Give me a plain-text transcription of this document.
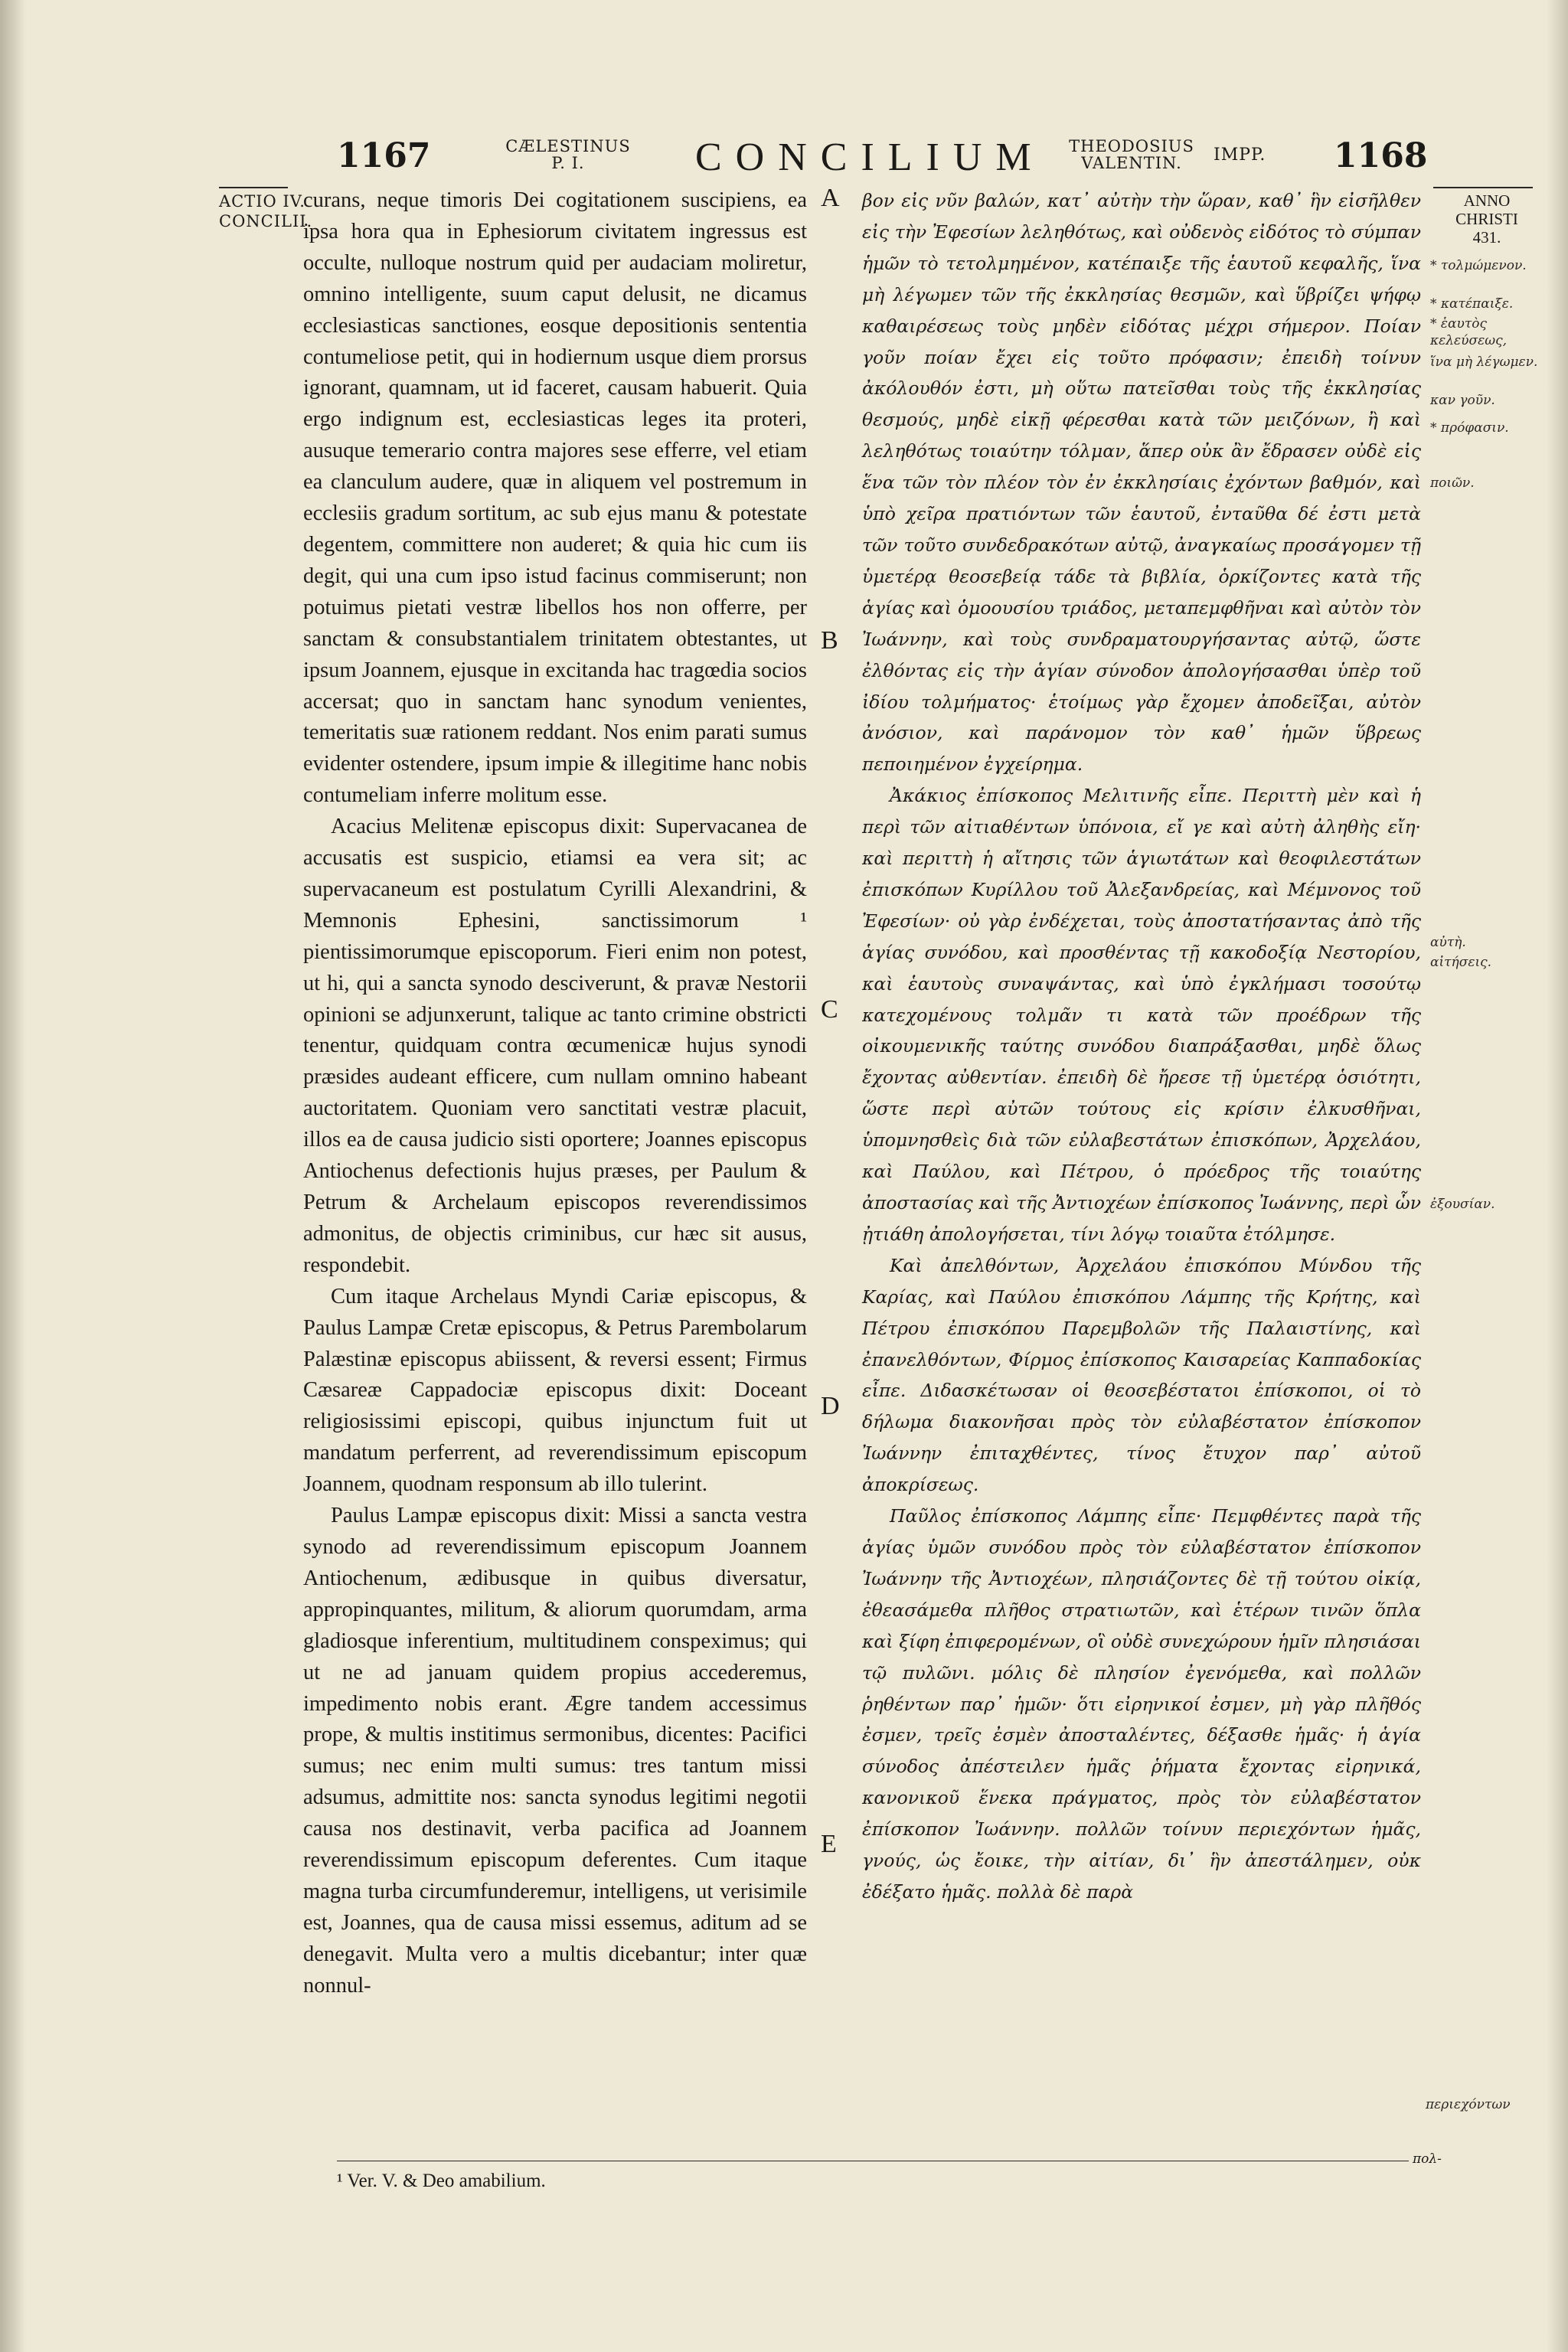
1167	CÆLESTINUS
P. I.	CONCILIUM	THEODOSIUS
VALENTIN.	IMPP. 1168
ACTIO IV.
CONCILII.
ANNO
CHRISTI
431.

curans, neque timoris Dei cogitationem suscipiens, ea ipsa hora qua in Ephesiorum civitatem ingressus est occulte, nulloque nostrum quid per audaciam moliretur, omnino intelligente, suum caput delusit, ne dicamus ecclesiasticas sanctiones, eosque depositionis sententia contumeliose petit, qui in hodiernum usque diem prorsus ignorant, quamnam, ut id faceret, causam habuerit. Quia ergo indignum est, ecclesiasticas leges ita proteri, ausuque temerario contra majores sese efferre, vel etiam ea clanculum audere, quæ in aliquem vel postremum in ecclesiis gradum sortitum, ac sub ejus manu & potestate degentem, committere non auderet; & quia hic cum iis degit, qui una cum ipso istud facinus commiserunt; non potuimus pietati vestræ libellos hos non offerre, per sanctam & consubstantialem trinitatem obtestantes, ut ipsum Joannem, ejusque in excitanda hac tragœdia socios accersat; quo in sanctam hanc synodum venientes, temeritatis suæ rationem reddant. Nos enim parati sumus evidenter ostendere, ipsum impie & illegitime hanc nobis contumeliam inferre molitum esse.

Acacius Melitenæ episcopus dixit: Supervacanea de accusatis est suspicio, etiamsi ea vera sit; ac supervacaneum est postulatum Cyrilli Alexandrini, & Memnonis Ephesini, sanctissimorum ¹ pientissimorumque episcoporum. Fieri enim non potest, ut hi, qui a sancta synodo desciverunt, & pravæ Nestorii opinioni se adjunxerunt, talique ac tanto crimine obstricti tenentur, quidquam contra œcumenicæ hujus synodi præsides audeant efficere, cum nullam omnino habeant auctoritatem. Quoniam vero sanctitati vestræ placuit, illos ea de causa judicio sisti oportere; Joannes episcopus Antiochenus defectionis hujus præses, per Paulum & Petrum & Archelaum episcopos reverendissimos admonitus, de objectis criminibus, cur hæc sit ausus, respondebit.

Cum itaque Archelaus Myndi Cariæ episcopus, & Paulus Lampæ Cretæ episcopus, & Petrus Parembolarum Palæstinæ episcopus abiissent, & reversi essent; Firmus Cæsareæ Cappadociæ episcopus dixit: Doceant religiosissimi episcopi, quibus injunctum fuit ut mandatum perferrent, ad reverendissimum episcopum Joannem, quodnam responsum ab illo tulerint.

Paulus Lampæ episcopus dixit: Missi a sancta vestra synodo ad reverendissimum episcopum Joannem Antiochenum, ædibusque in quibus diversatur, appropinquantes, militum, & aliorum quorumdam, arma gladiosque inferentium, multitudinem conspeximus; qui ut ne ad januam quidem propius accederemus, impedimento nobis erant. Ægre tandem accessimus prope, & multis institimus sermonibus, dicentes: Pacifici sumus; nec enim multi sumus: tres tantum missi adsumus, admittite nos: sancta synodus legitimi negotii causa nos destinavit, verba pacifica ad Joannem reverendissimum episcopum deferentes. Cum itaque magna turba circumfunderemur, intelligens, ut verisimile est, Joannes, qua de causa missi essemus, aditum ad se denegavit. Multa vero a multis dicebantur; inter quæ nonnul-

A
B
C
D
E

βον εἰς νῦν βαλών, κατ᾽ αὐτὴν τὴν ὥραν, καθ᾽ ἣν εἰσῆλθεν εἰς τὴν Ἐφεσίων λεληθότως, καὶ οὐδενὸς εἰδότος τὸ σύμπαν ἡμῶν τὸ τετολμημένον, κατέπαιξε τῆς ἑαυτοῦ κεφαλῆς, ἵνα μὴ λέγωμεν τῶν τῆς ἐκκλησίας θεσμῶν, καὶ ὕβρίζει ψήφῳ καθαιρέσεως τοὺς μηδὲν εἰδότας μέχρι σήμερον. Ποίαν γοῦν ποίαν ἔχει εἰς τοῦτο πρόφασιν; ἐπειδὴ τοίνυν ἀκόλουθόν ἐστι, μὴ οὕτω πατεῖσθαι τοὺς τῆς ἐκκλησίας θεσμούς, μηδὲ εἰκῇ φέρεσθαι κατὰ τῶν μειζόνων, ἢ καὶ λεληθότως τοιαύτην τόλμαν, ἅπερ οὐκ ἂν ἔδρασεν οὐδὲ εἰς ἕνα τῶν τὸν πλέον τὸν ἐν ἐκκλησίαις ἐχόντων βαθμόν, καὶ ὑπὸ χεῖρα πρατιόντων τῶν ἑαυτοῦ, ἐνταῦθα δέ ἐστι μετὰ τῶν τοῦτο συνδεδρακότων αὐτῷ, ἀναγκαίως προσάγομεν τῇ ὑμετέρᾳ θεοσεβείᾳ τάδε τὰ βιβλία, ὁρκίζοντες κατὰ τῆς ἁγίας καὶ ὁμοουσίου τριάδος, μεταπεμφθῆναι καὶ αὐτὸν τὸν Ἰωάννην, καὶ τοὺς συνδραματουργήσαντας αὐτῷ, ὥστε ἐλθόντας εἰς τὴν ἁγίαν σύνοδον ἀπολογήσασθαι ὑπὲρ τοῦ ἰδίου τολμήματος· ἑτοίμως γὰρ ἔχομεν ἀποδεῖξαι, αὐτὸν ἀνόσιον, καὶ παράνομον τὸν καθ᾽ ἡμῶν ὕβρεως πεποιημένον ἐγχείρημα.

Ἀκάκιος ἐπίσκοπος Μελιτινῆς εἶπε. Περιττὴ μὲν καὶ ἡ περὶ τῶν αἰτιαθέντων ὑπόνοια, εἴ γε καὶ αὐτὴ ἀληθὴς εἴη· καὶ περιττὴ ἡ αἴτησις τῶν ἁγιωτάτων καὶ θεοφιλεστάτων ἐπισκόπων Κυρίλλου τοῦ Ἀλεξανδρείας, καὶ Μέμνονος τοῦ Ἐφεσίων· οὐ γὰρ ἐνδέχεται, τοὺς ἀποστατήσαντας ἀπὸ τῆς ἁγίας συνόδου, καὶ προσθέντας τῇ κακοδοξίᾳ Νεστορίου, καὶ ἑαυτοὺς συναψάντας, καὶ ὑπὸ ἐγκλήμασι τοσούτῳ κατεχομένους τολμᾶν τι κατὰ τῶν προέδρων τῆς οἰκουμενικῆς ταύτης συνόδου διαπράξασθαι, μηδὲ ὅλως ἔχοντας αὐθεντίαν. ἐπειδὴ δὲ ἤρεσε τῇ ὑμετέρᾳ ὁσιότητι, ὥστε περὶ αὐτῶν τούτους εἰς κρίσιν ἐλκυσθῆναι, ὑπομνησθεὶς διὰ τῶν εὐλαβεστάτων ἐπισκόπων, Ἀρχελάου, καὶ Παύλου, καὶ Πέτρου, ὁ πρόεδρος τῆς τοιαύτης ἀποστασίας καὶ τῆς Ἀντιοχέων ἐπίσκοπος Ἰωάννης, περὶ ὧν ᾐτιάθη ἀπολογήσεται, τίνι λόγῳ τοιαῦτα ἐτόλμησε.

Καὶ ἀπελθόντων, Ἀρχελάου ἐπισκόπου Μύνδου τῆς Καρίας, καὶ Παύλου ἐπισκόπου Λάμπης τῆς Κρήτης, καὶ Πέτρου ἐπισκόπου Παρεμβολῶν τῆς Παλαιστίνης, καὶ ἐπανελθόντων, Φίρμος ἐπίσκοπος Καισαρείας Καππαδοκίας εἶπε. Διδασκέτωσαν οἱ θεοσεβέστατοι ἐπίσκοποι, οἱ τὸ δήλωμα διακονῆσαι πρὸς τὸν εὐλαβέστατον ἐπίσκοπον Ἰωάννην ἐπιταχθέντες, τίνος ἔτυχον παρ᾽ αὐτοῦ ἀποκρίσεως.

Παῦλος ἐπίσκοπος Λάμπης εἶπε· Πεμφθέντες παρὰ τῆς ἁγίας ὑμῶν συνόδου πρὸς τὸν εὐλαβέστατον ἐπίσκοπον Ἰωάννην τῆς Ἀντιοχέων, πλησιάζοντες δὲ τῇ τούτου οἰκίᾳ, ἐθεασάμεθα πλῆθος στρατιωτῶν, καὶ ἑτέρων τινῶν ὅπλα καὶ ξίφη ἐπιφερομένων, οἳ οὐδὲ συνεχώρουν ἡμῖν πλησιάσαι τῷ πυλῶνι. μόλις δὲ πλησίον ἐγενόμεθα, καὶ πολλῶν ῥηθέντων παρ᾽ ἡμῶν· ὅτι εἰρηνικοί ἐσμεν, μὴ γὰρ πλῆθός ἐσμεν, τρεῖς ἐσμὲν ἀποσταλέντες, δέξασθε ἡμᾶς· ἡ ἁγία σύνοδος ἀπέστειλεν ἡμᾶς ῥήματα ἔχοντας εἰρηνικά, κανονικοῦ ἕνεκα πράγματος, πρὸς τὸν εὐλαβέστατον ἐπίσκοπον Ἰωάννην. πολλῶν τοίνυν περιεχόντων ἡμᾶς, γνούς, ὡς ἔοικε, τὴν αἰτίαν, δι᾽ ἣν ἀπεστάλημεν, οὐκ ἐδέξατο ἡμᾶς. πολλὰ δὲ παρὰ

* τολμώμενον.
* κατέπαιξε.
* ἑαυτὸς κελεύσεως,
ἵνα μὴ λέγωμεν.
καν γοῦν.
* πρόφασιν.
ποιῶν.
αὐτὴ.
αἰτήσεις.
ἐξουσίαν.
περιεχόντων
¹ Ver. V. & Deo amabilium.
πολ-
